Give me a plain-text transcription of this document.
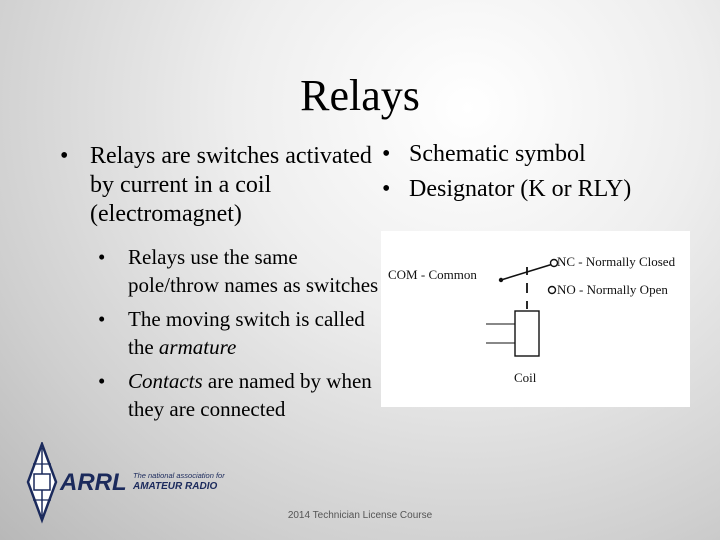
Relays
• Relays are switches activated by current in a coil (electromagnet)
• Relays use the same pole/throw names as switches
• The moving switch is called the armature
• Contacts are named by when they are connected
• Schematic symbol
• Designator (K or RLY)
COM - Common
NC - Normally Closed
NO - Normally Open
Coil
ARRL The national association for
AMATEUR RADIO
2014 Technician License Course
